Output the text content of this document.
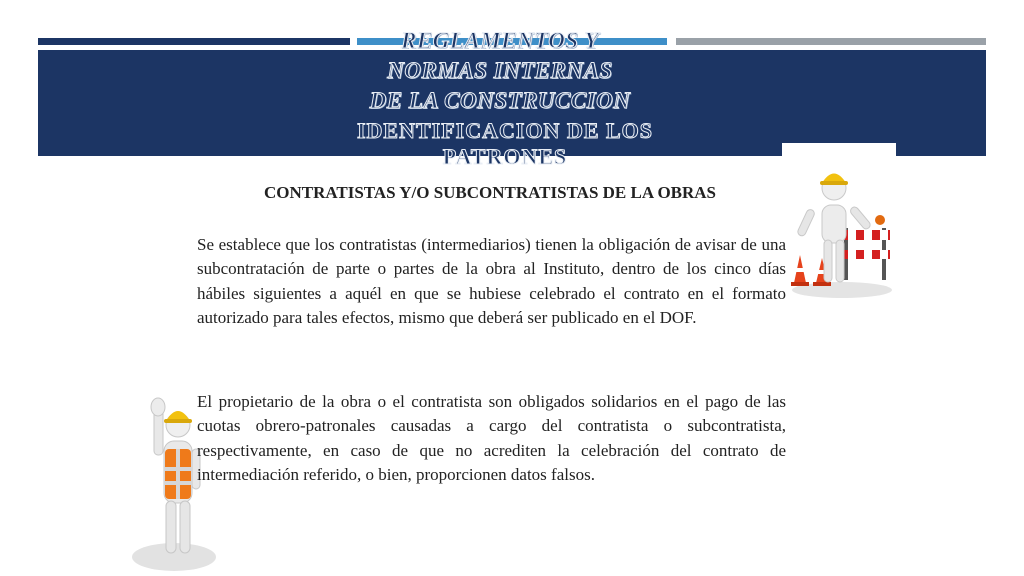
REGLAMENTOS Y

NORMAS INTERNAS

DE LA CONSTRUCCION

IDENTIFICACION DE LOS PATRONES

CONTRATISTAS Y/O SUBCONTRATISTAS DE LA OBRAS

Se establece que los contratistas (intermediarios) tienen la obligación de avisar de una subcontratación de parte o partes de la obra al Instituto, dentro de los cinco días hábiles siguientes a aquél en que se hubiese celebrado el contrato en el formato autorizado para tales efectos, mismo que deberá ser publicado en el DOF.

El propietario de la obra o el contratista son obligados solidarios en el pago de las cuotas obrero-patronales causadas a cargo del contratista o subcontratista, respectivamente, en caso de que no acrediten la celebración del contrato de intermediación referido, o bien, proporcionen datos falsos.
